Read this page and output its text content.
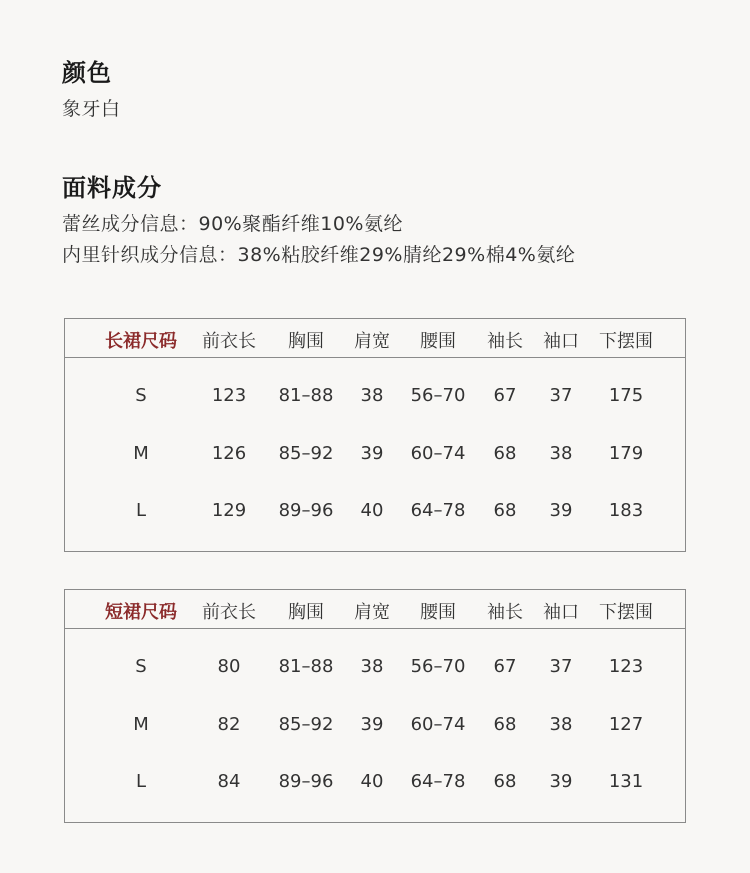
颜色
象牙白
面料成分
蕾丝成分信息：90%聚酯纤维10%氨纶
内里针织成分信息：38%粘胶纤维29%腈纶29%棉4%氨纶
长裙尺码 前衣长 胸围 肩宽 腰围 袖长 袖口 下摆围
S	123 81–88 38 56–70 67 37 175
M	126 85–92 39 60–74 68 38 179
L	129 89–96 40 64–78 68 39 183
短裙尺码 前衣长 胸围 肩宽 腰围 袖长 袖口 下摆围
S	80 81–88 38 56–70 67 37 123
M	82 85–92 39 60–74 68 38 127
L	84 89–96 40 64–78 68 39 131
